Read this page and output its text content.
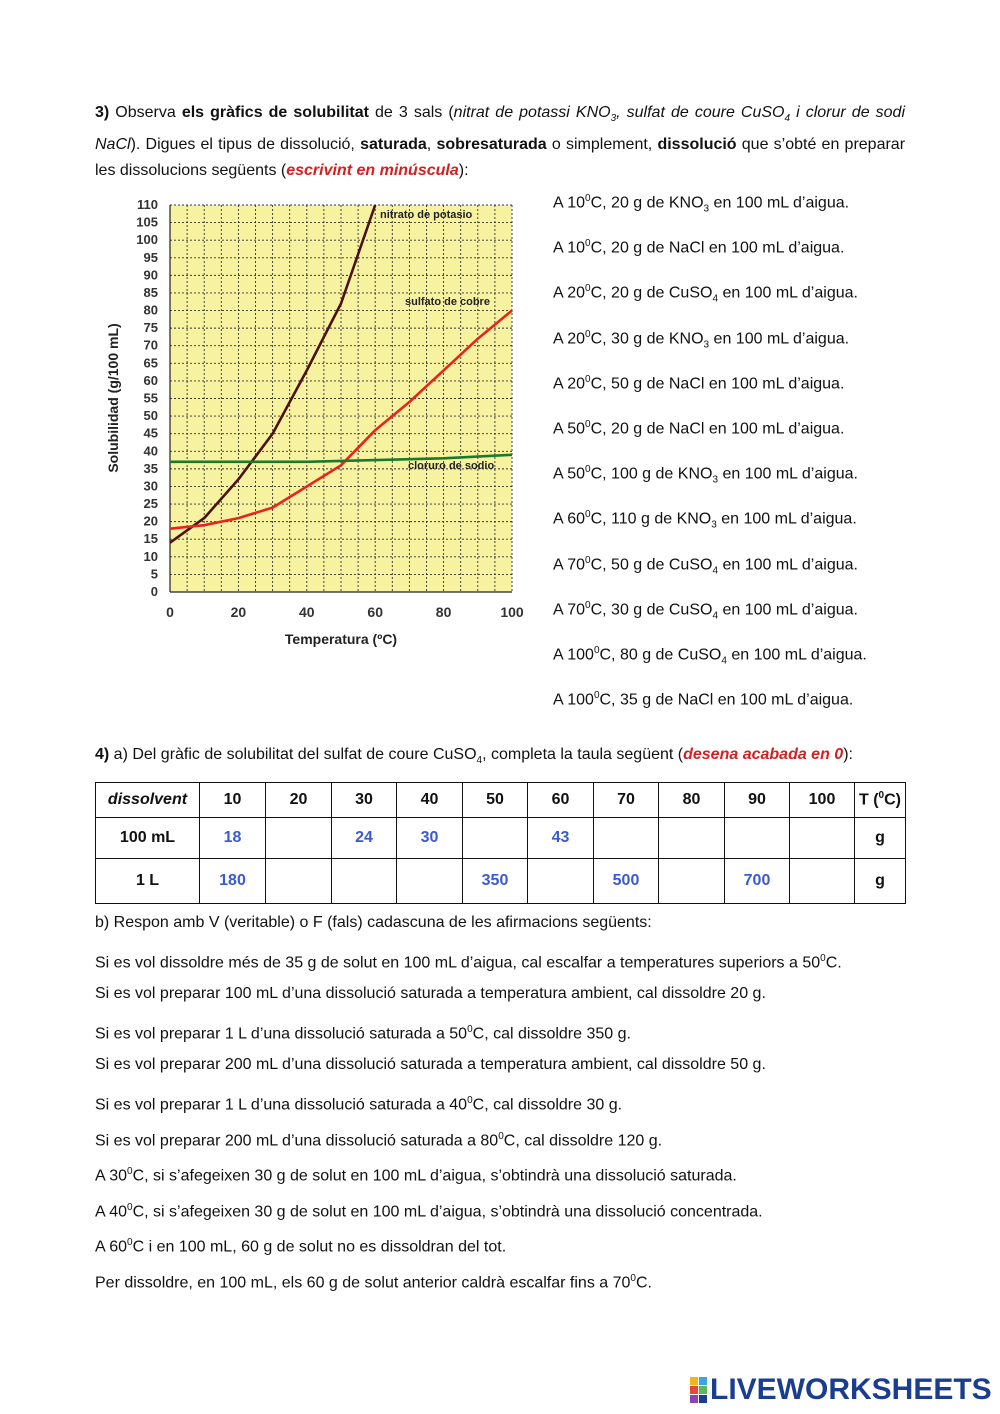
3) Observa els gràfics de solubilitat de 3 sals (nitrat de potassi $KNO_3$, sulfat de coure CuSO$_4$ i clorur de sodi NaCl). Digues el tipus de dissolució, saturada, sobresaturada o simplement, dissolució que s’obté en preparar les dissolucions següents (escrivint en minúscula):
0
5
10
15
20
25
30
35
40
45
50
55
60
65
70
75
80
85
90
95
100
105
110
0	20	40	60	80	100
nitrato de potasio
sulfato de cobre
cloruro de sodio
Temperatura (ºC)
Solubilidad (g/100 mL)
A $10^0C$, 20 g de $KNO_3$ en 100 mL d’aigua.
A $10^0C$, 20 g de NaCl en 100 mL d’aigua.
A $20^0C$, 20 g de CuSO$_4$ en 100 mL d’aigua.
A $20^0C$, 30 g de $KNO_3$ en 100 mL d’aigua.
A $20^0C$, 50 g de NaCl en 100 mL d’aigua.
A $50^0C$, 20 g de NaCl en 100 mL d’aigua.
A $50^0C$, 100 g de $KNO_3$ en 100 mL d’aigua.
A $60^0C$, 110 g de $KNO_3$ en 100 mL d’aigua.
A $70^0C$, 50 g de CuSO$_4$ en 100 mL d’aigua.
A $70^0C$, 30 g de CuSO$_4$ en 100 mL d’aigua.
A $100^0C$, 80 g de CuSO$_4$ en 100 mL d’aigua.
A $100^0C$, 35 g de NaCl en 100 mL d’aigua.
4) a) Del gràfic de solubilitat del sulfat de coure CuSO$_4$, completa la taula següent (desena acabada en 0):
dissolvent	10	20	30	40	50	60	70	80	90	100	T ($^0$C)
100 mL	18		24	30		43					g
1 L	180				350		500		700		g
b) Respon amb V (veritable) o F (fals) cadascuna de les afirmacions següents:
Si es vol dissoldre més de 35 g de solut en 100 mL d’aigua, cal escalfar a temperatures superiors a $50^0C$.
Si es vol preparar 100 mL d’una dissolució saturada a temperatura ambient, cal dissoldre 20 g.
Si es vol preparar 1 L d’una dissolució saturada a $50^0C$, cal dissoldre 350 g.
Si es vol preparar 200 mL d’una dissolució saturada a temperatura ambient, cal dissoldre 50 g.
Si es vol preparar 1 L d’una dissolució saturada a $40^0C$, cal dissoldre 30 g.
Si es vol preparar 200 mL d’una dissolució saturada a $80^0C$, cal dissoldre 120 g.
A $30^0C$, si s’afegeixen 30 g de solut en 100 mL d’aigua, s’obtindrà una dissolució saturada.
A $40^0C$, si s’afegeixen 30 g de solut en 100 mL d’aigua, s’obtindrà una dissolució concentrada.
A $60^0C$ i en 100 mL, 60 g de solut no es dissoldran del tot.
Per dissoldre, en 100 mL, els 60 g de solut anterior caldrà escalfar fins a $70^0C$.
LIVEWORKSHEETS
